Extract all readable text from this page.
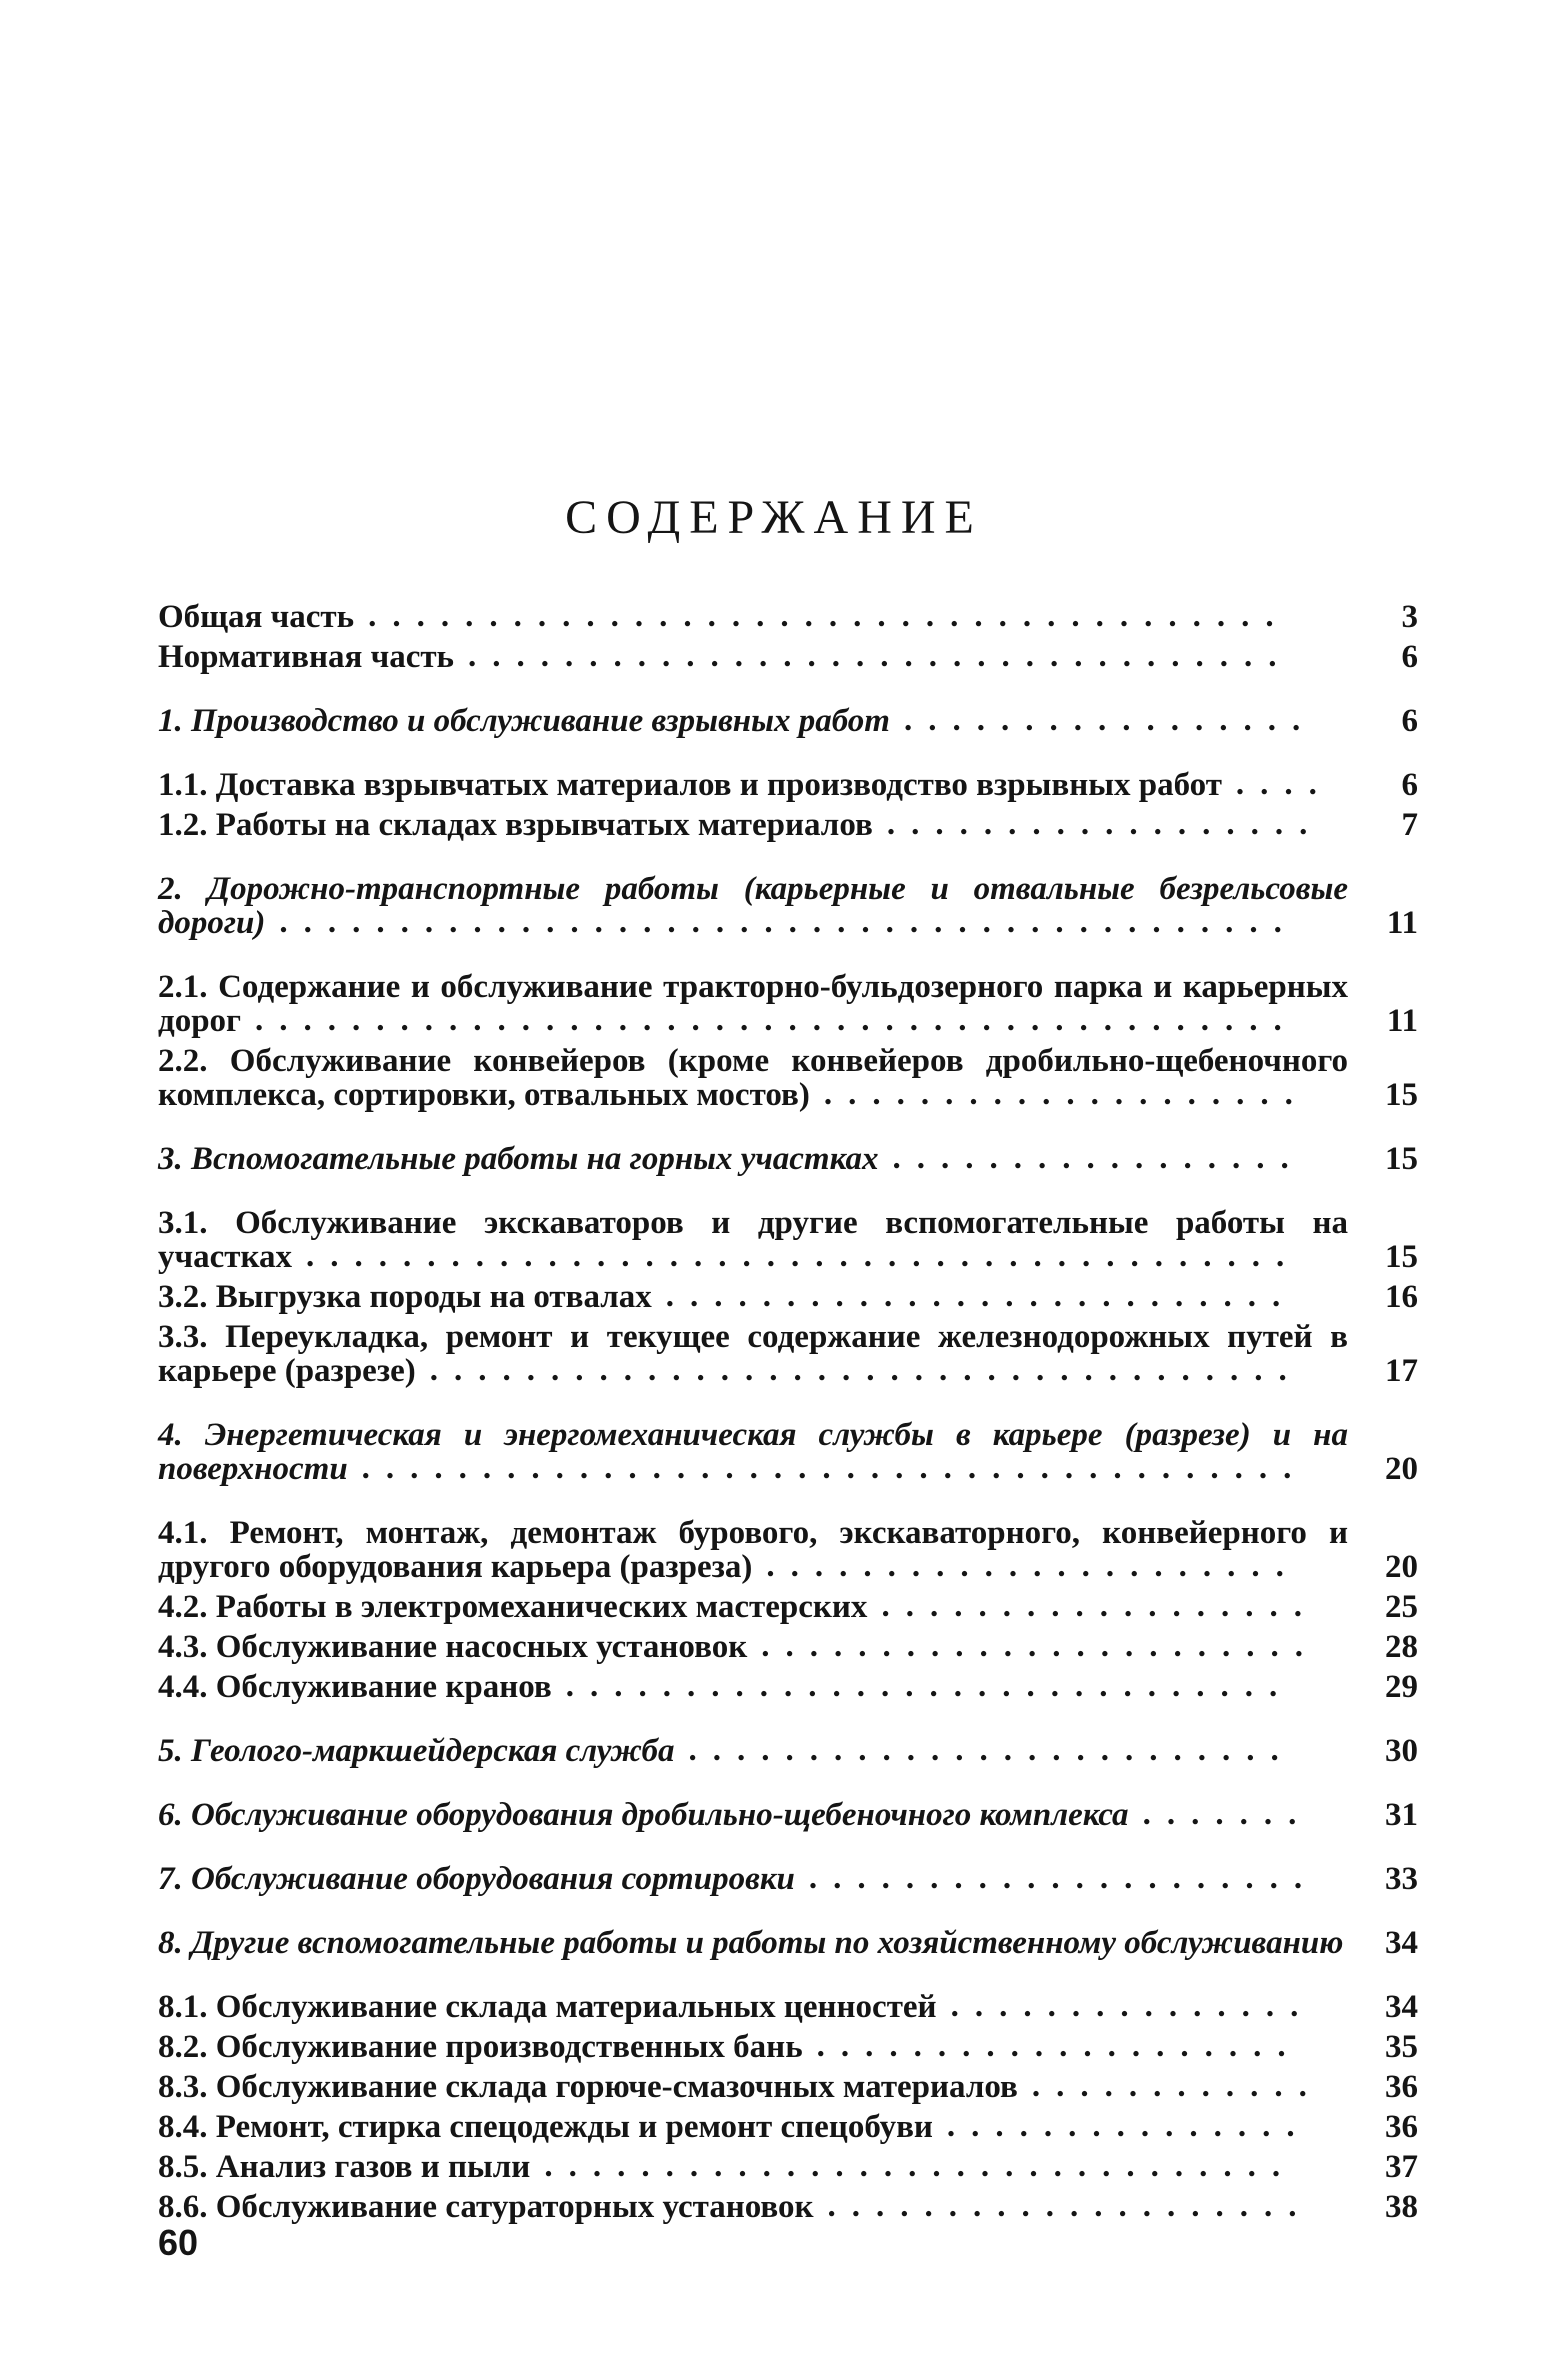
СОДЕРЖАНИЕ
Общая часть ......................................	3
Нормативная часть ..................................	6
1. Производство и обслуживание взрывных работ .................	6
1.1. Доставка взрывчатых материалов и производство взрывных работ ....	6
1.2. Работы на складах взрывчатых материалов ..................	7
2. Дорожно-транспортные работы (карьерные и отвальные безрельсовые дороги) ..........................................	11
2.1. Содержание и обслуживание тракторно-бульдозерного парка и карьерных дорог ...........................................	11
2.2. Обслуживание конвейеров (кроме конвейеров дробильно-щебеночного комплекса, сортировки, отвальных мостов) ....................	15
3. Вспомогательные работы на горных участках .................	15
3.1. Обслуживание экскаваторов и другие вспомогательные работы на участках .........................................	15
3.2. Выгрузка породы на отвалах ..........................	16
3.3. Переукладка, ремонт и текущее содержание железнодорожных путей в карьере (разрезе) ....................................	17
4. Энергетическая и энергомеханическая службы в карьере (разрезе) и на поверхности .......................................	20
4.1. Ремонт, монтаж, демонтаж бурового, экскаваторного, конвейерного и другого оборудования карьера (разреза) ......................	20
4.2. Работы в электромеханических мастерских ..................	25
4.3. Обслуживание насосных установок .......................	28
4.4. Обслуживание кранов ..............................	29
5. Геолого-маркшейдерская служба .........................	30
6. Обслуживание оборудования дробильно-щебеночного комплекса .......	31
7. Обслуживание оборудования сортировки .....................	33
8. Другие вспомогательные работы и работы по хозяйственному обслуживанию	34
8.1. Обслуживание склада материальных ценностей ...............	34
8.2. Обслуживание производственных бань ....................	35
8.3. Обслуживание склада горюче-смазочных материалов ............	36
8.4. Ремонт, стирка спецодежды и ремонт спецобуви ...............	36
8.5. Анализ газов и пыли ...............................	37
8.6. Обслуживание сатураторных установок ....................	38
60
